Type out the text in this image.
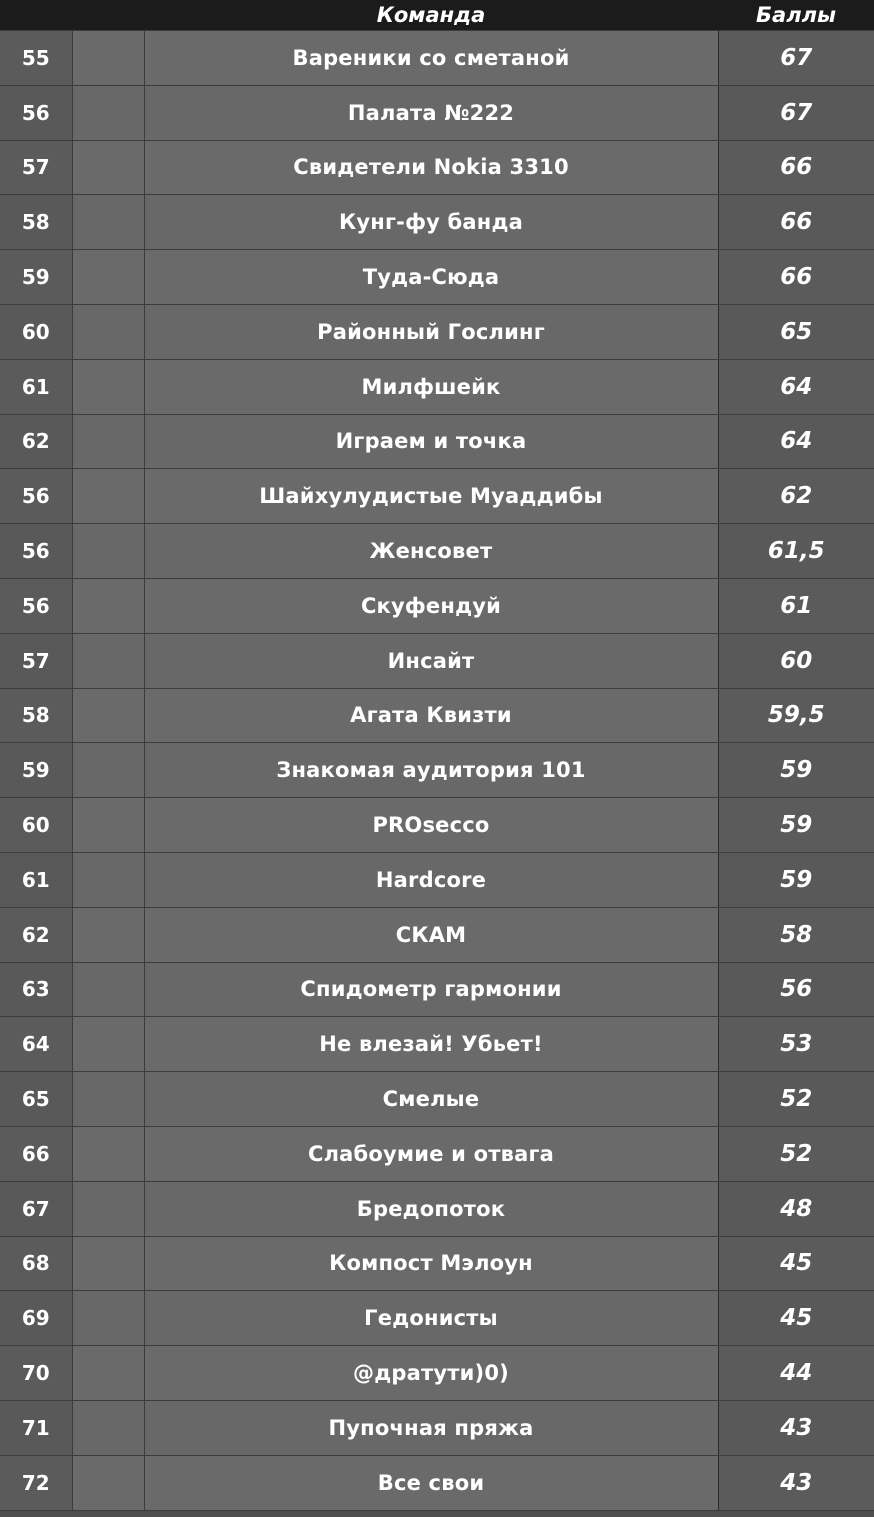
		Команда	Баллы
55		Вареники со сметаной	67
56		Палата №222	67
57		Свидетели Nokia 3310	66
58		Кунг-фу банда	66
59		Туда-Сюда	66
60		Районный Гослинг	65
61		Милфшейк	64
62		Играем и точка	64
56		Шайхулудистые Муаддибы	62
56		Женсовет	61,5
56		Скуфендуй	61
57		Инсайт	60
58		Агата Квизти	59,5
59		Знакомая аудитория 101	59
60		PROsecco	59
61		Hardcore	59
62		СКАМ	58
63		Спидометр гармонии	56
64		Не влезай! Убьет!	53
65		Смелые	52
66		Слабоумие и отвага	52
67		Бредопоток	48
68		Компост Мэлоун	45
69		Гедонисты	45
70		@дратути)0)	44
71		Пупочная пряжа	43
72		Все свои	43
